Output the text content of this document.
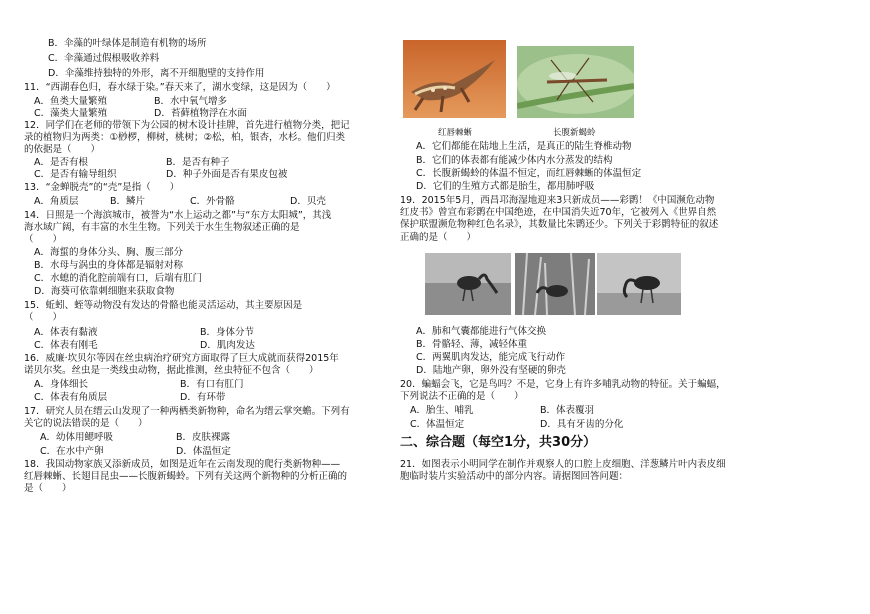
B．伞藻的叶绿体是制造有机物的场所
C．伞藻通过假根吸收养料
D．伞藻维持独特的外形，离不开细胞壁的支持作用
11．“西湖春色归，春水绿于染。”春天来了，湖水变绿，这是因为（　　）
A．鱼类大量繁殖	B．水中氧气增多
C．藻类大量繁殖	D．苔藓植物浮在水面
12．同学们在老师的带领下为公园的树木设计挂牌，首先进行植物分类，把记
录的植物归为两类：①桫椤，柳树，桃树；②松，柏，银杏，水杉。他们归类
的依据是（　　）
A．是否有根	B．是否有种子
C．是否有输导组织	D．种子外面是否有果皮包被
13．“金蝉脱壳”的“壳”是指（　　）
A．角质层	B．鳞片	C．外骨骼	D．贝壳
14．日照是一个海滨城市，被誉为“水上运动之都”与“东方太阳城”，其浅
海水域广阔，有丰富的水生生物。下列关于水生生物叙述正确的是
（　　）
A．海蜇的身体分头、胸、腹三部分
B．水母与涡虫的身体都是辐射对称
C．水螅的消化腔前端有口，后端有肛门
D．海葵可依靠刺细胞来获取食物
15．蚯蚓、蛭等动物没有发达的骨骼也能灵活运动，其主要原因是
（　　）
A．体表有黏液	B．身体分节
C．体表有刚毛	D．肌肉发达
16．威廉·坎贝尔等因在丝虫病治疗研究方面取得了巨大成就而获得2015年
诺贝尔奖。丝虫是一类线虫动物，据此推测，丝虫特征不包含（　　）
A．身体细长	B．有口有肛门
C．体表有角质层	D．有环带
17．研究人员在缙云山发现了一种两栖类新物种，命名为缙云掌突蟾。下列有
关它的说法错误的是（　　）
A．幼体用鳃呼吸	B．皮肤裸露
C．在水中产卵	D．体温恒定
18．我国动物家族又添新成员，如图是近年在云南发现的爬行类新物种——
红唇棘蜥、长翅目昆虫——长腹新蝎蛉。下列有关这两个新物种的分析正确的
是（　　）
A．它们都能在陆地上生活，是真正的陆生脊椎动物
B．它们的体表都有能减少体内水分蒸发的结构
C．长腹新蝎蛉的体温不恒定，而红唇棘蜥的体温恒定
D．它们的生殖方式都是胎生，都用肺呼吸
19．2015年5月，西昌邛海湿地迎来3只新成员——彩鹮！《中国濒危动物
红皮书》曾宣布彩鹮在中国绝迹，在中国消失近70年，它被列入《世界自然
保护联盟濒危物种红色名录》，其数量比朱鹮还少。下列关于彩鹮特征的叙述
正确的是（　　）
A．肺和气囊都能进行气体交换
B．骨骼轻、薄，减轻体重
C．两翼肌肉发达，能完成飞行动作
D．陆地产卵，卵外没有坚硬的卵壳
20．蝙蝠会飞，它是鸟吗？不是，它身上有许多哺乳动物的特征。关于蝙蝠，
下列说法不正确的是（　　）
A．胎生、哺乳	B．体表覆羽
C．体温恒定	D．具有牙齿的分化
21．如图表示小明同学在制作并观察人的口腔上皮细胞、洋葱鳞片叶内表皮细
胞临时装片实验活动中的部分内容。请据图回答问题：
红唇棘蜥	长腹新蝎蛉
二、综合题（每空1分，共30分）
